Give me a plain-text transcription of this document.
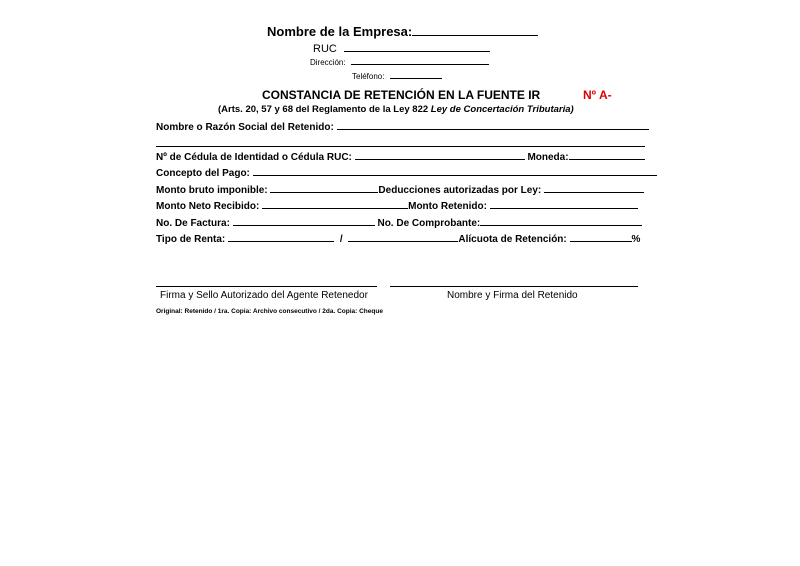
Nombre de la Empresa:
RUC
Dirección:
Teléfono:
CONSTANCIA DE RETENCIÓN EN LA FUENTE IR	Nº A-
(Arts. 20, 57 y 68 del Reglamento de la Ley 822 Ley de Concertación Tributaria)
Nombre o Razón Social del Retenido:
Nº de Cédula de Identidad o Cédula RUC:	Moneda:
Concepto del Pago:
Monto bruto imponible:	Deducciones autorizadas por Ley:
Monto Neto Recibido:	Monto Retenido:
No. De Factura:	No. De Comprobante:
Tipo de Renta:	/	Alícuota de Retención:	%
Firma y Sello Autorizado del Agente Retenedor	Nombre y Firma del Retenido
Original: Retenido / 1ra. Copia: Archivo consecutivo / 2da. Copia: Cheque
